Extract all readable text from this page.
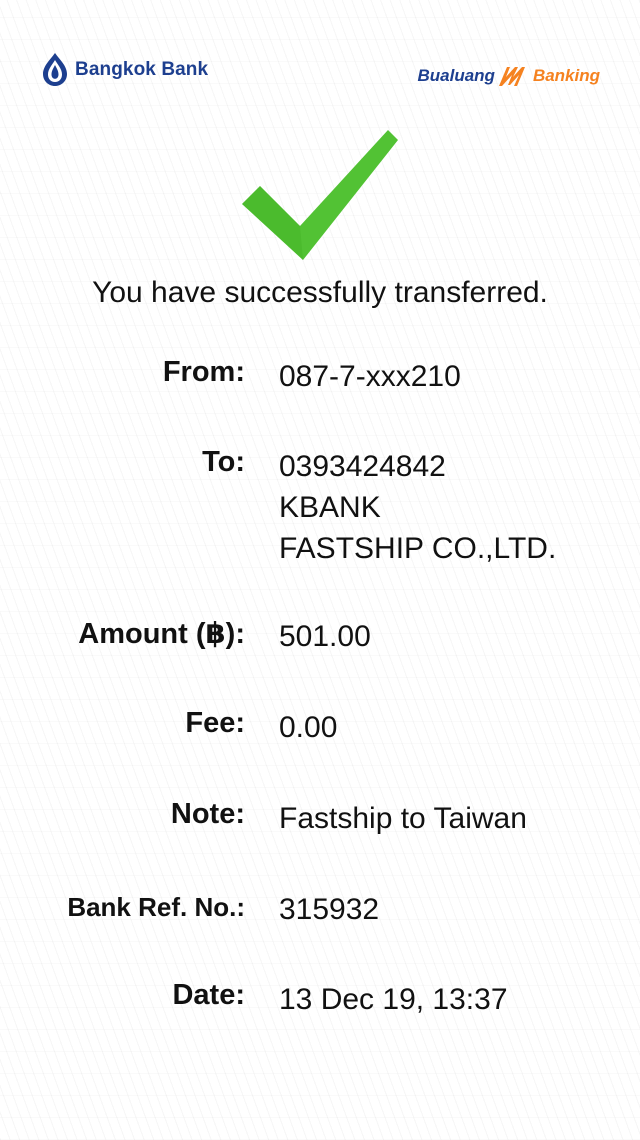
Bangkok Bank	Bualuang Banking
You have successfully transferred.
From: 087-7-xxx210
To: 0393424842
KBANK
FASTSHIP CO.,LTD.
Amount (฿): 501.00
Fee: 0.00
Note: Fastship to Taiwan
Bank Ref. No.: 315932
Date: 13 Dec 19, 13:37
